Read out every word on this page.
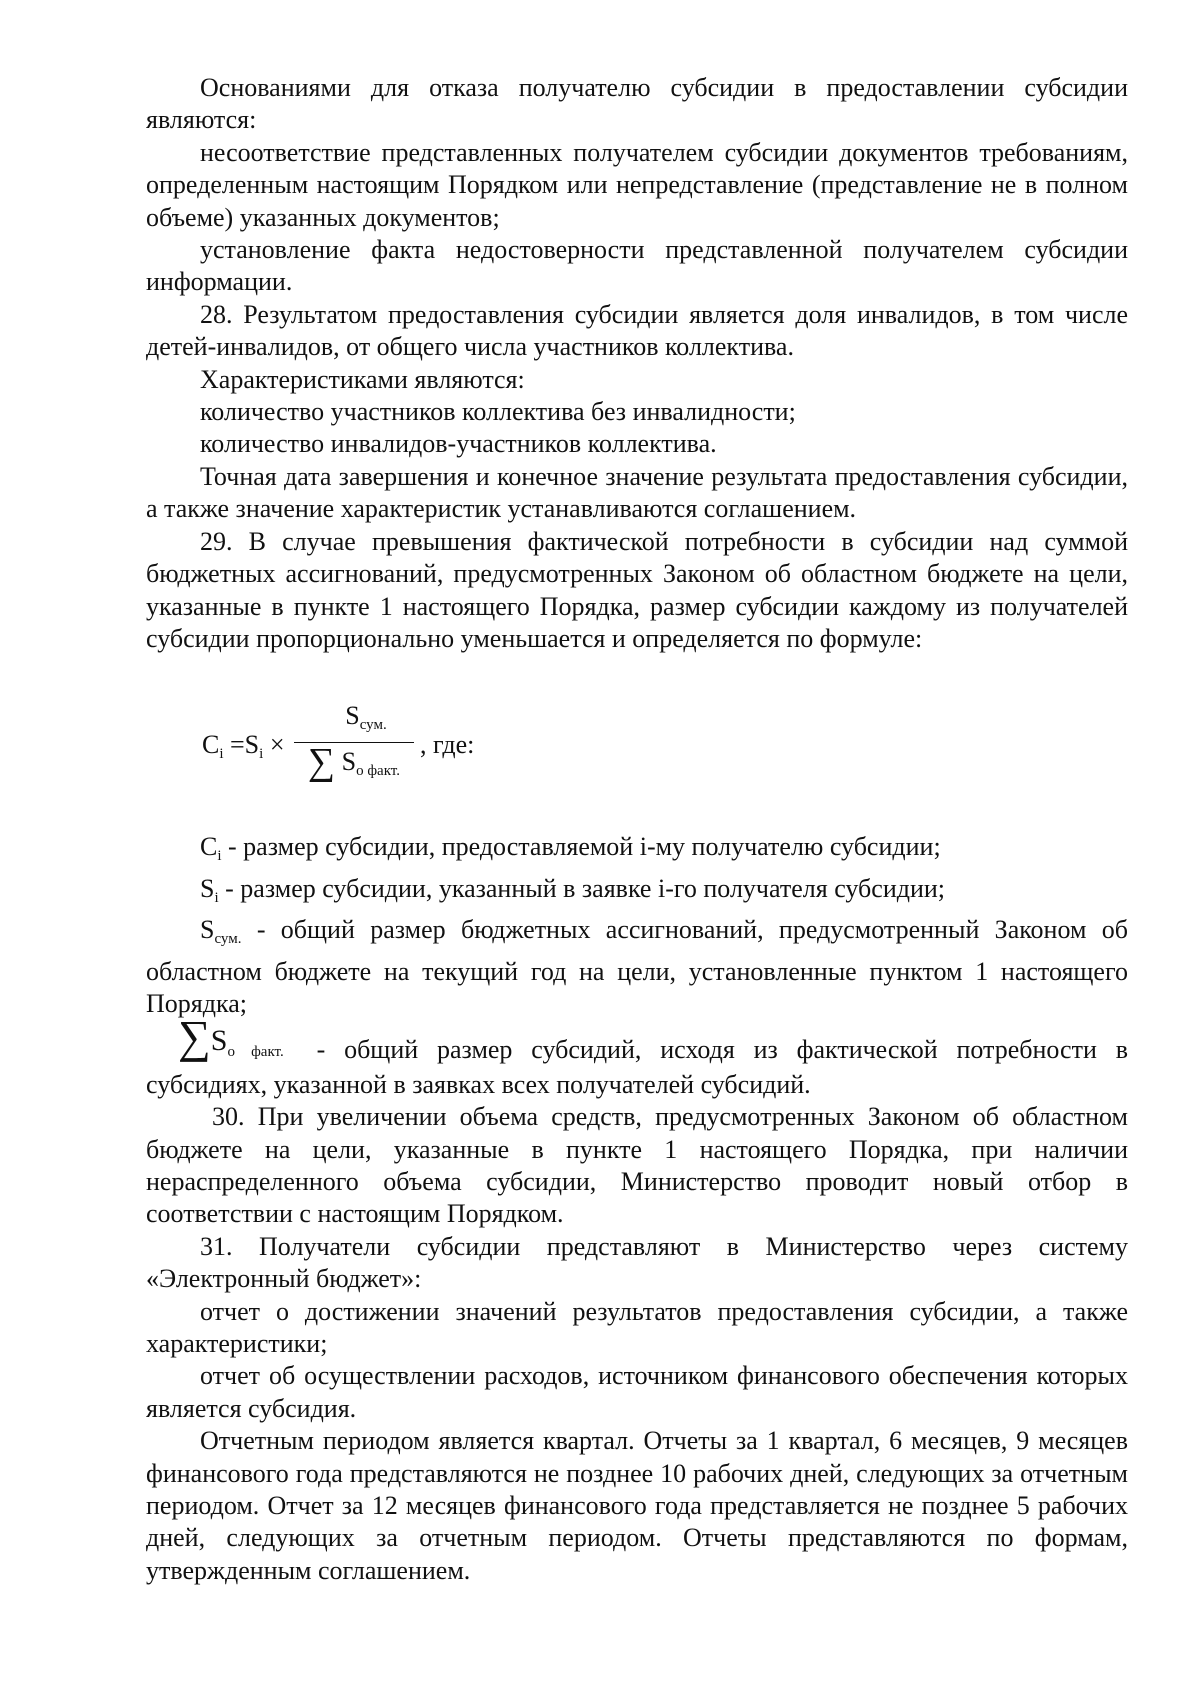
Основаниями для отказа получателю субсидии в предоставлении субсидии являются:

несоответствие представленных получателем субсидии документов требованиям, определенным настоящим Порядком или непредставление (представление не в полном объеме) указанных документов;

установление факта недостоверности представленной получателем субсидии информации.

28. Результатом предоставления субсидии является доля инвалидов, в том числе детей-инвалидов, от общего числа участников коллектива.

Характеристиками являются:

количество участников коллектива без инвалидности;

количество инвалидов-участников коллектива.

Точная дата завершения и конечное значение результата предоставления субсидии, а также значение характеристик устанавливаются соглашением.

29. В случае превышения фактической потребности в субсидии над суммой бюджетных ассигнований, предусмотренных Законом об областном бюджете на цели, указанные в пункте 1 настоящего Порядка, размер субсидии каждому из получателей субсидии пропорционально уменьшается и определяется по формуле:

$C_i =S_i$ ×
$S_{сум.}$
∑ $S_{о факт.}$
, где:

$C_i$ - размер субсидии, предоставляемой i-му получателю субсидии;

$S_i$ - размер субсидии, указанный в заявке i-го получателя субсидии;

$S_{сум.}$ - общий размер бюджетных ассигнований, предусмотренный Законом об областном бюджете на текущий год на цели, установленные пунктом 1 настоящего Порядка;

∑Sо факт. - общий размер субсидий, исходя из фактической потребности в субсидиях, указанной в заявках всех получателей субсидий.

30. При увеличении объема средств, предусмотренных Законом об областном бюджете на цели, указанные в пункте 1 настоящего Порядка, при наличии нераспределенного объема субсидии, Министерство проводит новый отбор в соответствии с настоящим Порядком.

31. Получатели субсидии представляют в Министерство через систему «Электронный бюджет»:

отчет о достижении значений результатов предоставления субсидии, а также характеристики;

отчет об осуществлении расходов, источником финансового обеспечения которых является субсидия.

Отчетным периодом является квартал. Отчеты за 1 квартал, 6 месяцев, 9 месяцев финансового года представляются не позднее 10 рабочих дней, следующих за отчетным периодом. Отчет за 12 месяцев финансового года представляется не позднее 5 рабочих дней, следующих за отчетным периодом. Отчеты представляются по формам, утвержденным соглашением.
